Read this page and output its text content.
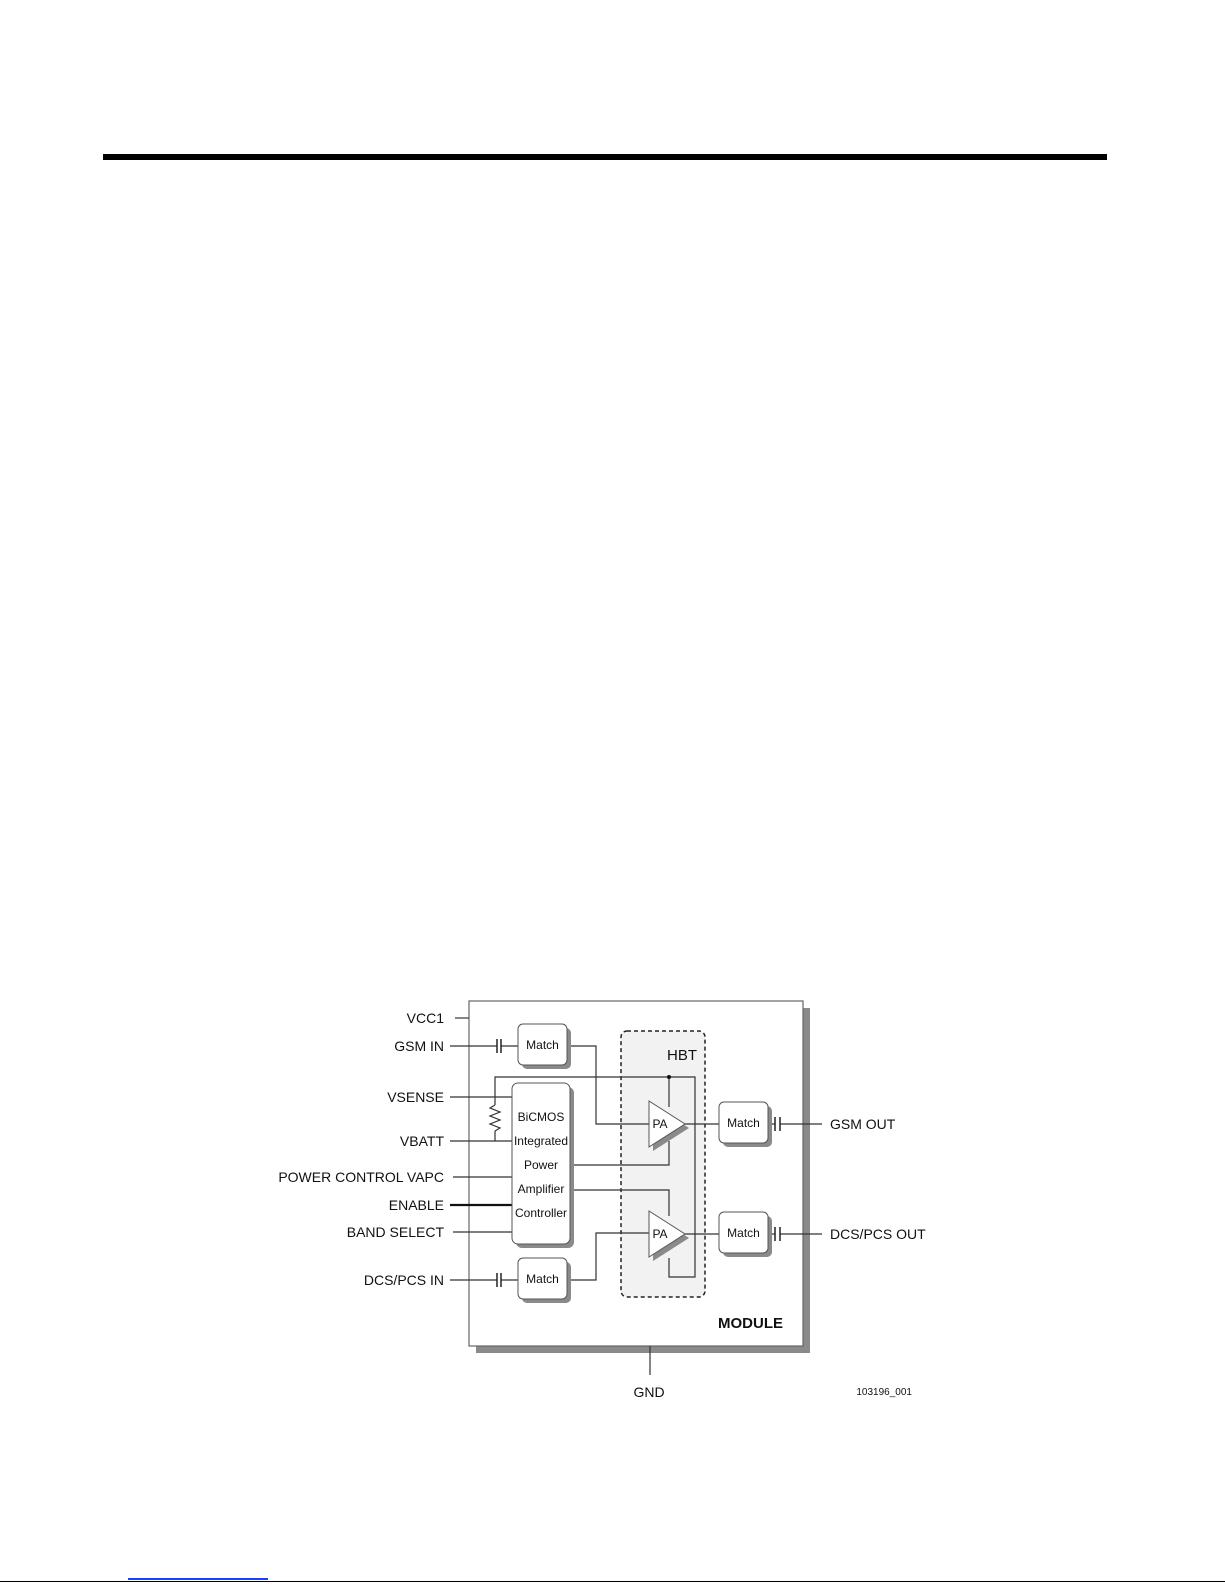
Match
Match
Match
Match
BiCMOS
Integrated
Power
Amplifier
Controller
PA
PA
HBT
MODULE
VCC1
GSM IN
VSENSE
VBATT
POWER CONTROL VAPC
ENABLE
BAND SELECT
DCS/PCS IN
GSM OUT
DCS/PCS OUT
GND	103196_001
